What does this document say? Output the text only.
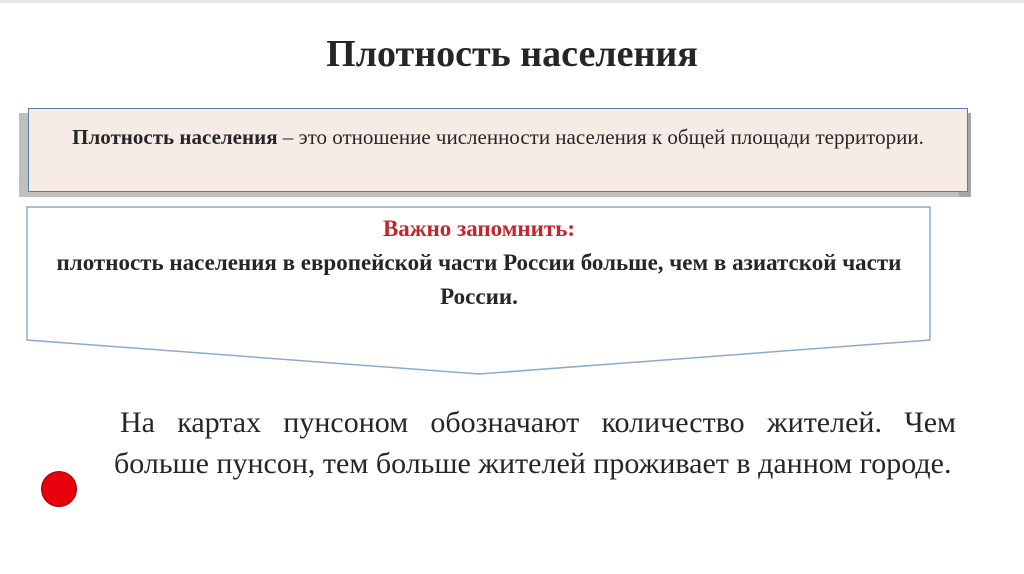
Плотность населения
Плотность населения – это отношение численности населения к общей площади территории.
Важно запомнить:
плотность населения в европейской части России больше, чем в азиатской части России.
На картах пунсоном обозначают количество жителей. Чем больше пунсон, тем больше жителей проживает в данном городе.
